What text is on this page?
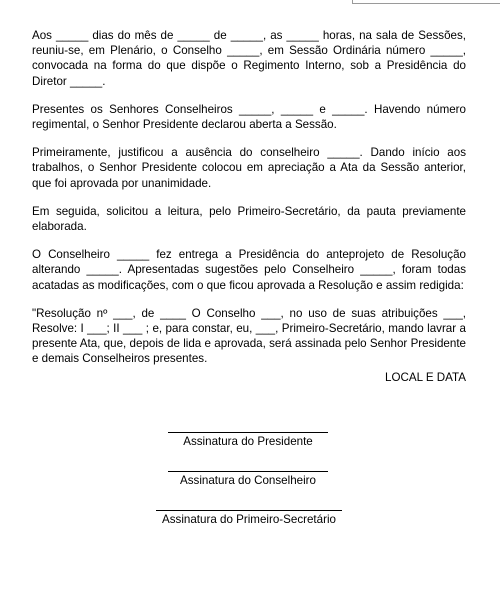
Aos _____ dias do mês de _____ de _____, as _____ horas, na sala de Sessões, reuniu-se, em Plenário, o Conselho _____, em Sessão Ordinária número _____, convocada na forma do que dispõe o Regimento Interno, sob a Presidência do Diretor _____.

Presentes os Senhores Conselheiros _____, _____ e _____. Havendo número regimental, o Senhor Presidente declarou aberta a Sessão.

Primeiramente, justificou a ausência do conselheiro _____. Dando início aos trabalhos, o Senhor Presidente colocou em apreciação a Ata da Sessão anterior, que foi aprovada por unanimidade.

Em seguida, solicitou a leitura, pelo Primeiro-Secretário, da pauta previamente elaborada.

O Conselheiro _____ fez entrega a Presidência do anteprojeto de Resolução alterando _____. Apresentadas sugestões pelo Conselheiro _____, foram todas acatadas as modificações, com o que ficou aprovada a Resolução e assim redigida:

"Resolução nº ___, de ____ O Conselho ___, no uso de suas atribuições ___, Resolve: I ___; II ___ ; e, para constar, eu, ___, Primeiro-Secretário, mando lavrar a presente Ata, que, depois de lida e aprovada, será assinada pelo Senhor Presidente e demais Conselheiros presentes.

LOCAL E DATA
Assinatura do Presidente
Assinatura do Conselheiro
Assinatura do Primeiro-Secretário
